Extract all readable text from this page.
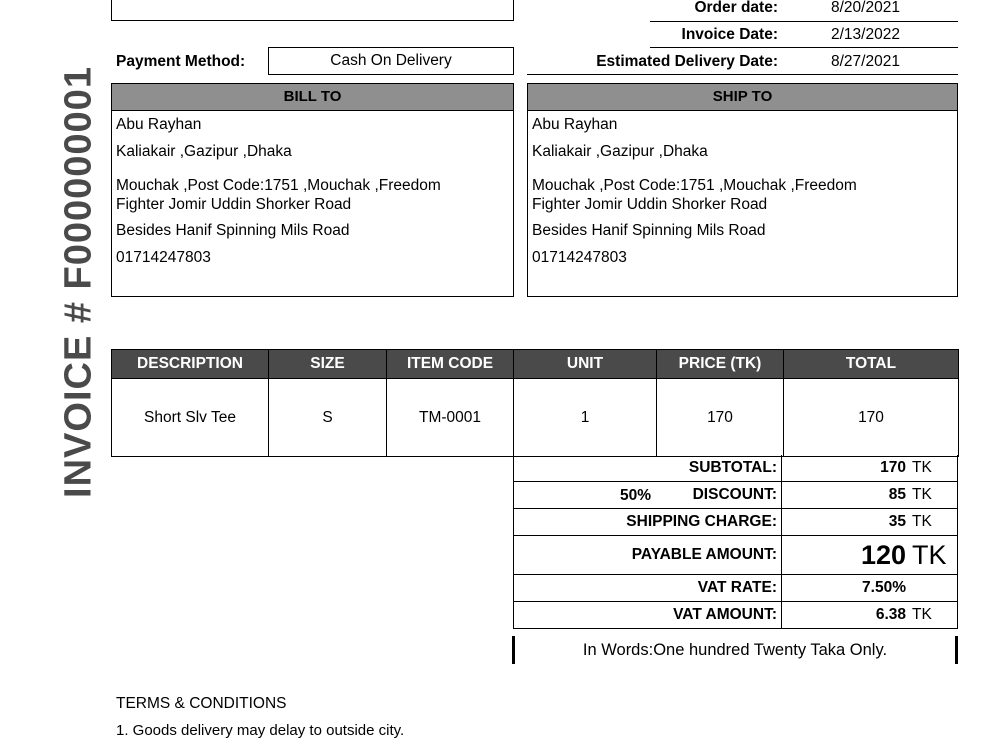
Order date:	8/20/2021
Invoice Date:	2/13/2022
Estimated Delivery Date:	8/27/2021
Payment Method:	Cash On Delivery
INVOICE # F000000001	BILL TO
Abu Rayhan
Kaliakair ,Gazipur ,Dhaka
Mouchak ,Post Code:1751 ,Mouchak ,Freedom
Fighter Jomir Uddin Shorker Road
Besides Hanif Spinning Mils Road
01714247803
SHIP TO
Abu Rayhan
Kaliakair ,Gazipur ,Dhaka
Mouchak ,Post Code:1751 ,Mouchak ,Freedom
Fighter Jomir Uddin Shorker Road
Besides Hanif Spinning Mils Road
01714247803
DESCRIPTION	SIZE	ITEM CODE	UNIT	PRICE (TK)	TOTAL
Short Slv Tee	S	TM-0001	1	170	170
SUBTOTAL:	170 TK
50%	DISCOUNT:	85 TK
SHIPPING CHARGE:	35 TK
PAYABLE AMOUNT:	120 TK
VAT RATE:	7.50%
VAT AMOUNT:	6.38 TK
In Words:One hundred Twenty Taka Only.
TERMS & CONDITIONS
1. Goods delivery may delay to outside city.
